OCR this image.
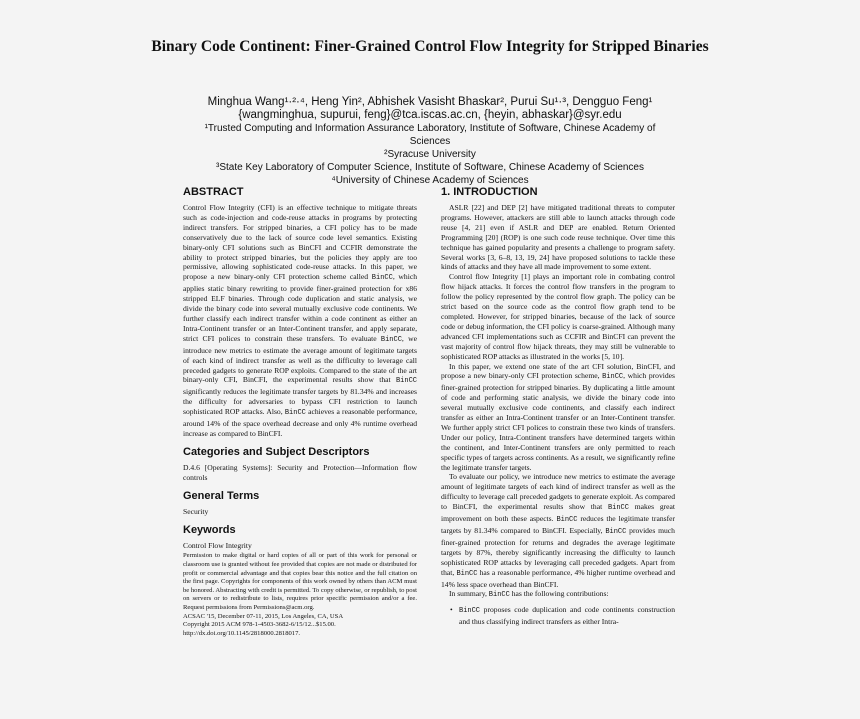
Binary Code Continent: Finer-Grained Control Flow Integrity for Stripped Binaries
Minghua Wang¹·²·⁴, Heng Yin², Abhishek Vasisht Bhaskar², Purui Su¹·³, Dengguo Feng¹
{wangminghua, supurui, feng}@tca.iscas.ac.cn, {heyin, abhaskar}@syr.edu
¹Trusted Computing and Information Assurance Laboratory, Institute of Software, Chinese Academy of
Sciences
²Syracuse University
³State Key Laboratory of Computer Science, Institute of Software, Chinese Academy of Sciences
⁴University of Chinese Academy of Sciences
ABSTRACT

Control Flow Integrity (CFI) is an effective technique to mitigate threats such as code-injection and code-reuse attacks in programs by protecting indirect transfers. For stripped binaries, a CFI policy has to be made conservatively due to the lack of source code level semantics. Existing binary-only CFI solutions such as BinCFI and CCFIR demonstrate the ability to protect stripped binaries, but the policies they apply are too permissive, allowing sophisticated code-reuse attacks. In this paper, we propose a new binary-only CFI protection scheme called BinCC, which applies static binary rewriting to provide finer-grained protection for x86 stripped ELF binaries. Through code duplication and static analysis, we divide the binary code into several mutually exclusive code continents. We further classify each indirect transfer within a code continent as either an Intra-Continent transfer or an Inter-Continent transfer, and apply separate, strict CFI polices to constrain these transfers. To evaluate BinCC, we introduce new metrics to estimate the average amount of legitimate targets of each kind of indirect transfer as well as the difficulty to leverage call preceded gadgets to generate ROP exploits. Compared to the state of the art binary-only CFI, BinCFI, the experimental results show that BinCC significantly reduces the legitimate transfer targets by 81.34% and increases the difficulty for adversaries to bypass CFI restriction to launch sophisticated ROP attacks. Also, BinCC achieves a reasonable performance, around 14% of the space overhead decrease and only 4% runtime overhead increase as compared to BinCFI.

Categories and Subject Descriptors

D.4.6 [Operating Systems]: Security and Protection—Information flow controls

General Terms

Security

Keywords

Control Flow Integrity

Permission to make digital or hard copies of all or part of this work for personal or classroom use is granted without fee provided that copies are not made or distributed for profit or commercial advantage and that copies bear this notice and the full citation on the first page. Copyrights for components of this work owned by others than ACM must be honored. Abstracting with credit is permitted. To copy otherwise, or republish, to post on servers or to redistribute to lists, requires prior specific permission and/or a fee. Request permissions from Permissions@acm.org.

ACSAC '15, December 07-11, 2015, Los Angeles, CA, USA

Copyright 2015 ACM 978-1-4503-3682-6/15/12...$15.00.

http://dx.doi.org/10.1145/2818000.2818017.

1. INTRODUCTION

ASLR [22] and DEP [2] have mitigated traditional threats to computer programs. However, attackers are still able to launch attacks through code reuse [4, 21] even if ASLR and DEP are enabled. Return Oriented Programming [20] (ROP) is one such code reuse technique. Over time this technique has gained popularity and presents a challenge to program safety. Several works [3, 6–8, 13, 19, 24] have proposed solutions to tackle these kinds of attacks and they have all made improvement to some extent.

Control flow Integrity [1] plays an important role in combating control flow hijack attacks. It forces the control flow transfers in the program to follow the policy represented by the control flow graph. The policy can be strict based on the source code as the control flow graph tend to be completed. However, for stripped binaries, because of the lack of source code or debug information, the CFI policy is coarse-grained. Although many advanced CFI implementations such as CCFIR and BinCFI can prevent the vast majority of control flow hijack threats, they may still be vulnerable to sophisticated ROP attacks as illustrated in the works [5, 10].

In this paper, we extend one state of the art CFI solution, BinCFI, and propose a new binary-only CFI protection scheme, BinCC, which provides finer-grained protection for stripped binaries. By duplicating a little amount of code and performing static analysis, we divide the binary code into several mutually exclusive code continents, and classify each indirect transfer as either an Intra-Continent transfer or an Inter-Continent transfer. We further apply strict CFI polices to constrain these two kinds of transfers. Under our policy, Intra-Continent transfers have determined targets within the continent, and Inter-Continent transfers are only permitted to reach specific types of targets across continents. As a result, we significantly refine the legitimate transfer targets.

To evaluate our policy, we introduce new metrics to estimate the average amount of legitimate targets of each kind of indirect transfer as well as the difficulty to leverage call preceded gadgets to generate exploit. As compared to BinCFI, the experimental results show that BinCC makes great improvement on both these aspects. BinCC reduces the legitimate transfer targets by 81.34% compared to BinCFI. Especially, BinCC provides much finer-grained protection for returns and degrades the average legitimate targets by 87%, thereby significantly increasing the difficulty to launch sophisticated ROP attacks by leveraging call preceded gadgets. Apart from that, BinCC has a reasonable performance, 4% higher runtime overhead and 14% less space overhead than BinCFI.

In summary, BinCC has the following contributions:

• BinCC proposes code duplication and code continents construction and thus classifying indirect transfers as either Intra-
